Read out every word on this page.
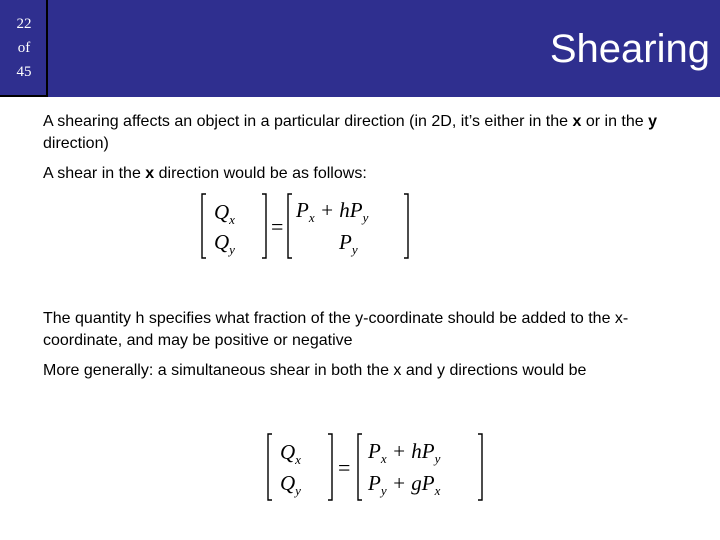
22
of
45
Shearing
A shearing affects an object in a particular direction (in 2D, it’s either in the x or in the y direction)
A shear in the x direction would be as follows:
$Q_x$
$Q_y$
=
$P_x + hP_y$
$P_y$
The quantity h specifies what fraction of the y-coordinate should be added to the x-coordinate, and may be positive or negative
More generally: a simultaneous shear in both the x and y directions would be
$Q_x$
$Q_y$
=
$P_x + hP_y$
$P_y + gP_x$
